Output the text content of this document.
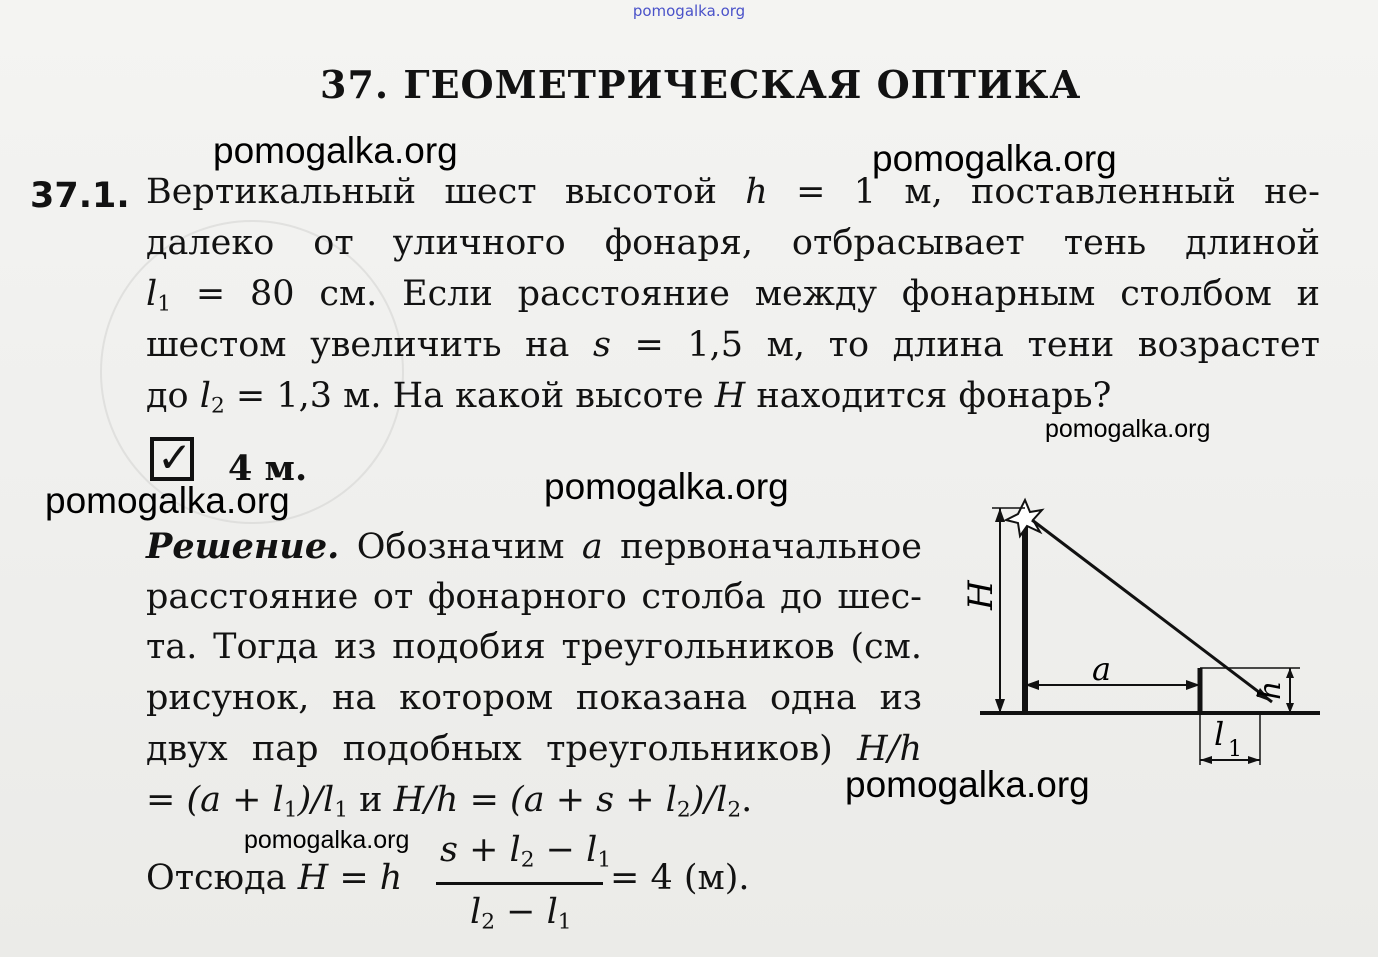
pomogalka.org
37. ГЕОМЕТРИЧЕСКАЯ ОПТИКА
37.1. Вертикальный шест высотой h = 1 м, поставленный не-
далеко от уличного фонаря, отбрасывает тень длиной
$l_1 = 80$ см. Если расстояние между фонарным столбом и
шестом увеличить на s = 1,5 м, то длина тени возрастет
до $l_2 = 1,3$ м. На какой высоте H находится фонарь?
✓ 4 м.
Решение. Обозначим a первоначальное
расстояние от фонарного столба до шес-
та. Тогда из подобия треугольников (см.
рисунок, на котором показана одна из
двух пар подобных треугольников) H/h
= $(a + l_1)/l_1$ и $H/h = (a + s + l_2)/l_2$.
Отсюда H = h
$s + l_2 - l_1$
$l_2 - l_1$
= 4 (м).
H
a
h
l 1
pomogalka.org	pomogalka.org
pomogalka.org
pomogalka.org
pomogalka.org
pomogalka.org
pomogalka.org
